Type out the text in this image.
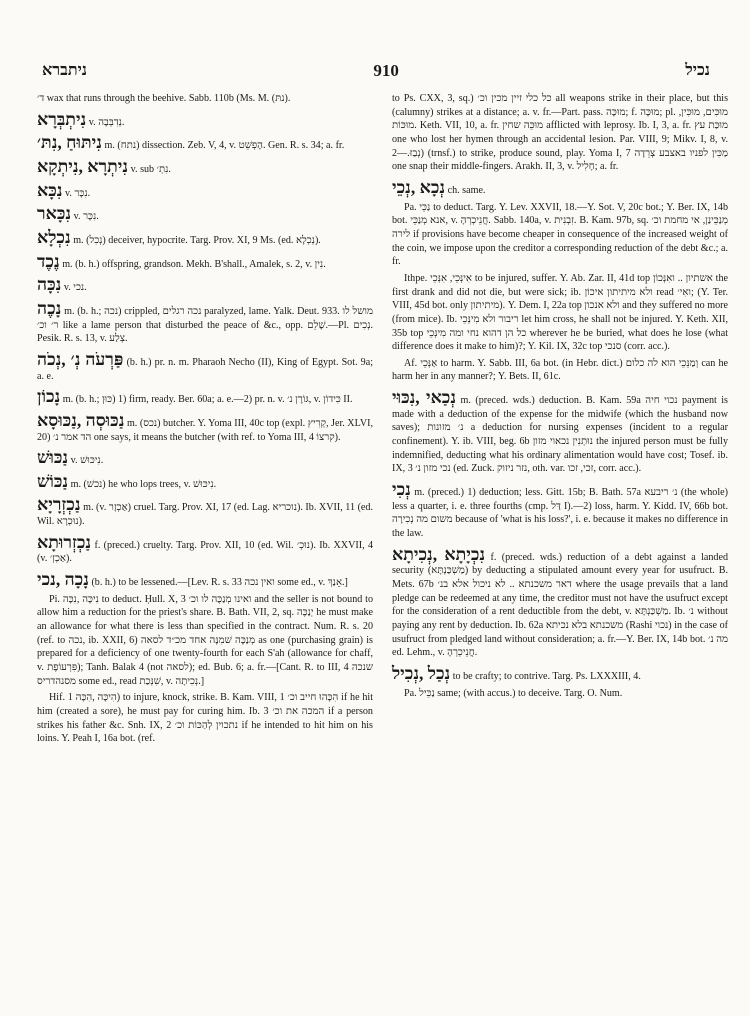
ניתברא	910	נכיל

ד׳ wax that runs through the beehive. Sabb. 110b (Ms. M. (נתּ).

נִיתְבְּרָא v. נְדִבְּבָה.

נִיתּוּחַ ,נִתּ׳ m. (נתח) dissection. Zeb. V, 4, v. הָפְשֵׁט. Gen. R. s. 34; a. fr.

נִיתְרָא ,נִיתְקָא v. sub נִתְ׳.

נִכָּא v. נִכָּר.

נִכָּאר v. נִכָּר.

נִכְלָא m. (נְכִל) deceiver, hypocrite. Targ. Prov. XI, 9 Ms. (ed. נְכְלָא).

נֶכֶד m. (b. h.) offspring, grandson. Mekh. B'shall., Amalek, s. 2, v. נִין.

נִכָּה v. נכי.

נָכֶה m. (b. h.; נכה) crippled, נכה רגלים paralyzed, lame. Yalk. Deut. 933. מושל לו ר׳ וכ׳ like a lame person that disturbed the peace of &c., opp. שָׁלֵם.—Pl. נְכִים. Pesik. R. s. 13, v. צְלַע.

פַּרְעֹה נְ׳ ,נְכֹה (b. h.) pr. n. m. Pharaoh Necho (II), King of Egypt. Sot. 9a; a. e.

נָכוֹן m. (b. h.; כּוּן) 1) firm, ready. Ber. 60a; a. e.—2) pr. n. v. גּוֹרֶן נ׳, v. כִּידוֹן II.

נַכּוּסְה ,נַכּוּסָא m. (נכס) butcher. Y. Yoma III, 40c top (expl. קְרִיץ, Jer. XLVI, 20) הד אמר נ׳ one says, it means the butcher (with ref. to Yoma III, 4 קרצוֹ).

נַכּוּשׁ v. נִיכּוּשׁ.

נַכּוֹשׁ m. (נכשׁ) he who lops trees, v. נִיכּוּשׁ.

נַכְזְרָיָא m. (v. אַכְזָר) cruel. Targ. Prov. XI, 17 (ed. Lag. נוכריא). Ib. XVII, 11 (ed. Wil. נוּכְרָא).

נַכְזְרוּתָא f. (preced.) cruelty. Targ. Prov. XII, 10 (ed. Wil. נוּכְ׳). Ib. XXVII, 4 (v. אַכְזְ׳).

נָכָה ,נכי (b. h.) to be lessened.—[Lev. R. s. 33 ואין נכה some ed., v. אָנַךְ.]

Pi. נִיכָּה ,נִכָּה to deduct. Ḥull. X, 3 ואינו מְנַכֶּה לו וכ׳ and the seller is not bound to allow him a reduction for the priest's share. B. Bath. VII, 2, sq. יְנַכֶּה he must make an allowance for what there is less than specified in the contract. Num. R. s. 20 (ref. to נכה, ib. XXII, 6) מְנַכֶּה שׁמִנָּה אחד מכ״ד לסאה as one (purchasing grain) is prepared for a deficiency of one twenty-fourth for each S'ah (allowance for chaff, v. פִּרְעוֹפֶת); Tanh. Balak 4 (not לסאה); ed. Bub. 6; a. fr.—[Cant. R. to III, 4 שנכה מסנהדריס some ed., read שִׁנְּכַת, v. נְכִיתָה.]

Hif. הִיכָּה ,הִכָּה 1) to injure, knock, strike. B. Kam. VIII, 1 הִכָּהוּ חייב וכ׳ if he hit him (created a sore), he must pay for curing him. Ib. 3 המכה את וכ׳ if a person strikes his father &c. Snh. IX, 2 נתכוין לְהַכּוֹת וכ׳ if he intended to hit him on his loins. Y. Peah I, 16a bot. (ref.

to Ps. CXX, 3, sq.) כל כלי זיין מכין וכ׳ all weapons strike in their place, but this (calumny) strikes at a distance; a. v. fr.—Part. pass. מוּכָּה; f. מוּכָּה; pl. מוּכִּים, מוּכִּין, מוּכּוֹת. Keth. VII, 10, a. fr. מוּכֵּה שחין afflicted with leprosy. Ib. I, 3, a. fr. מוּכַּת עץ one who lost her hymen through an accidental lesion. Par. VIII, 9; Mikv. I, 8, v. נְבַזּ.—2) (trnsf.) to strike, produce sound, play. Yoma I, 7 מַכִּין לפניו באצבע צְרֵדָה one snap their middle-fingers. Arakh. II, 3, v. חָלִיל; a. fr.

נְכָא ,נְכֵי ch. same.

Pa. נַכֵּי to deduct. Targ. Y. Lev. XXVII, 18.—Y. Sot. V, 20c bot.; Y. Ber. IX, 14b bot. אנא מְנַכֵּי, v. חֲנֵיכְרְהָ. Sabb. 140a, v. זִבְנִית. B. Kam. 97b, sq. מְנַכֵּינַן, אי מחמת וכ׳ לירה if provisions have become cheaper in consequence of the increased weight of the coin, we impose upon the creditor a corresponding reduction of the debt &c.; a. fr.

Ithpe. אִינְּכֵי, אִנְּכֵי to be injured, suffer. Y. Ab. Zar. II, 41d top אשתיון .. ואִנְּכוֹן the first drank and did not die, but were sick; ib. ולא מיתיתון איכוֹן read ואִי׳; (Y. Ter. VIII, 45d bot. only מיתיתון). Y. Dem. I, 22a top ולא אנכון and they suffered no more (from mice). Ib. ריבור ולא מִינְּכֵי let him cross, he shall not be injured. Y. Keth. XII, 35b top כל הן דהוא נחי ומה מִינְּכֵי wherever he be buried, what does he lose (what difference does it make to him)?; Y. Kil. IX, 32c top סנכי (corr. acc.).

Af. אַנְּכֵי to harm. Y. Sabb. III, 6a bot. (in Hebr. dict.) וְמַנֵּכֵי הוא לה כלום can he harm her in any manner?; Y. Bets. II, 61c.

נְכַאי ,נִכּוּי m. (preced. wds.) deduction. B. Kam. 59a נכוי חיה payment is made with a deduction of the expense for the midwife (which the husband now saves); נ׳ מזונות a deduction for nursing expenses (incident to a regular confinement). Y. ib. VIII, beg. 6b נוּתְנִין נכאוי מזון the injured person must be fully indemnified, deducting what his ordinary alimentation would have cost; Tosef. ib. IX, 3 נכי מזון נ׳ (ed. Zuck. נזר ניזוק, oth. var. זכי, זכו, corr. acc.).

נְכִי m. (preced.) 1) deduction; less. Gitt. 15b; B. Bath. 57a נ׳ ריבעא (the whole) less a quarter, i. e. three fourths (cmp. דַּל I).—2) loss, harm. Y. Kidd. IV, 66b bot. משום מה נְכִירָה because of 'what is his loss?', i. e. because it makes no difference in the law.

נִכְיָתָא ,נְכִיתָא f. (preced. wds.) reduction of a debt against a landed security (מַשְׁכַּנְתָּא) by deducting a stipulated amount every year for usufruct. B. Mets. 67b דאר משכנתא .. לא ניכול אלא בנ׳ where the usage prevails that a land pledge can be redeemed at any time, the creditor must not have the usufruct except for the consideration of a rent deductible from the debt, v. מַשְׁכַּנְתָּא. Ib. נ׳ without paying any rent by deduction. Ib. 62a משכנתא בלא נכיתא (Rashi נכוי) in the case of usufruct from pledged land without consideration; a. fr.—Y. Ber. IX, 14b bot. מה נ׳ ed. Lehm., v. חֲנֵיכְרְהָ.

נְכַל ,נְכִיל to be crafty; to contrive. Targ. Ps. LXXXIII, 4.

Pa. נַכֵּיל same; (with accus.) to deceive. Targ. O. Num.
